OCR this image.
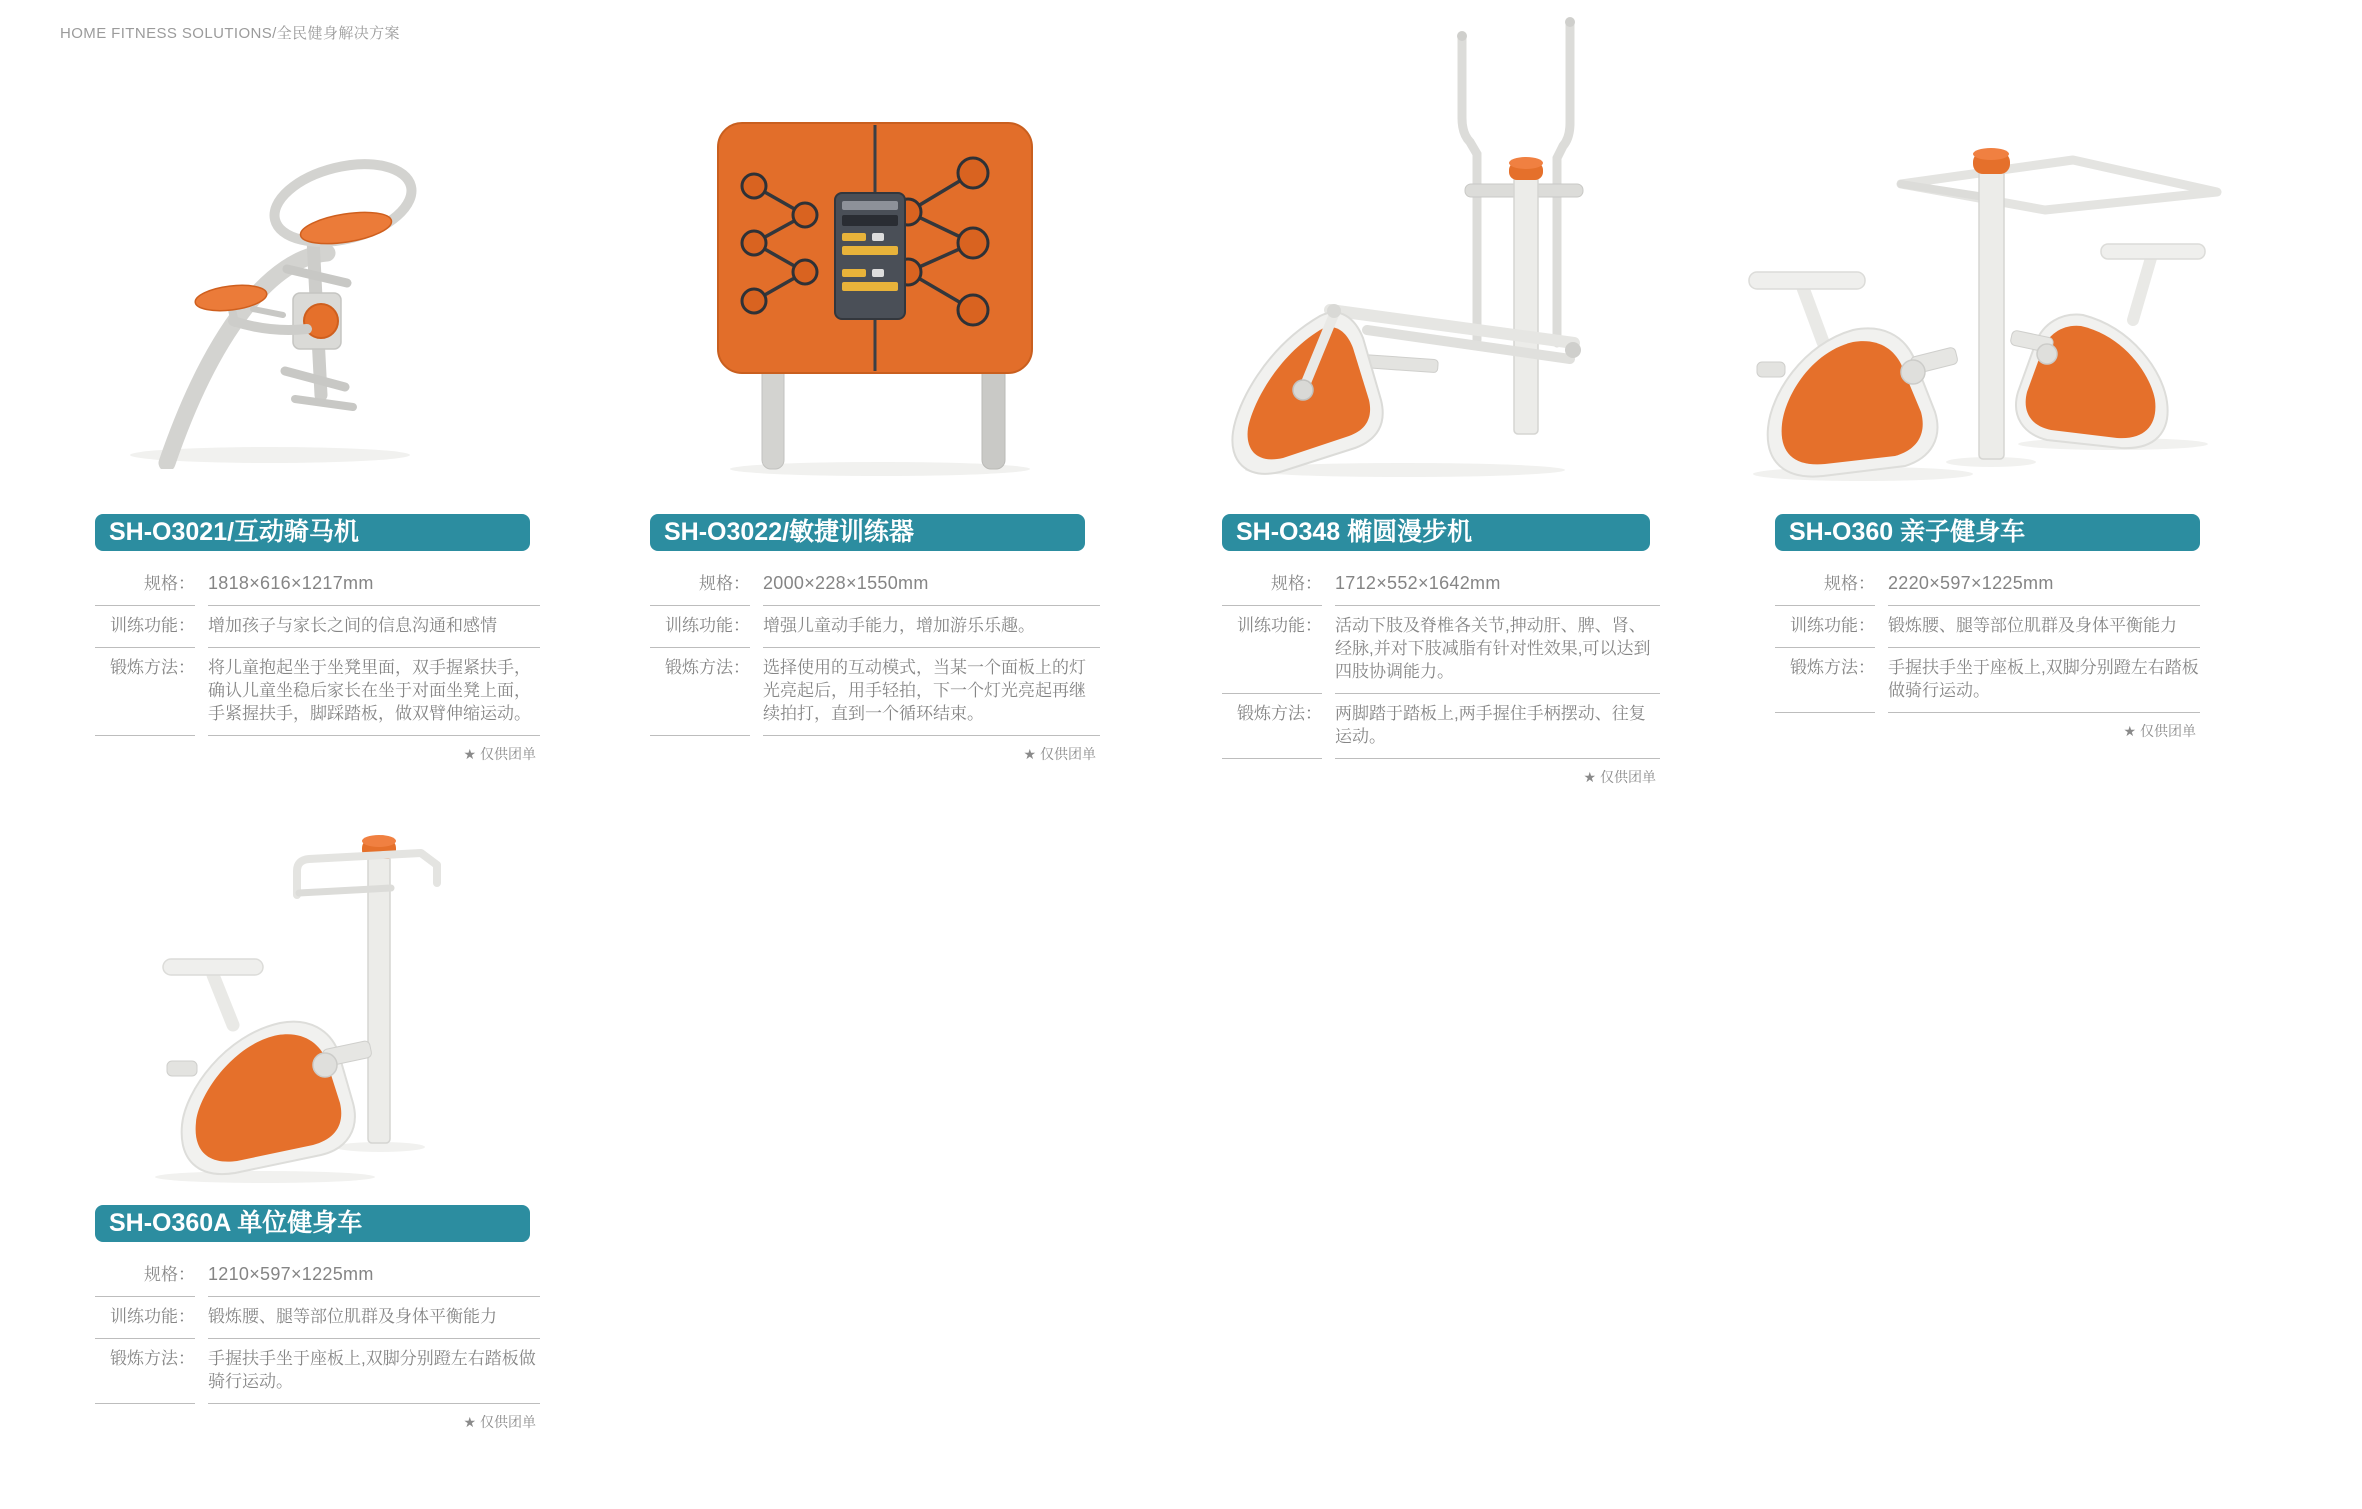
HOME FITNESS SOLUTIONS/全民健身解决方案
SH-O3021/互动骑马机
规格： 1818×616×1217mm
训练功能： 增加孩子与家长之间的信息沟通和感情
锻炼方法： 将儿童抱起坐于坐凳里面，双手握紧扶手，确认儿童坐稳后家长在坐于对面坐凳上面，手紧握扶手，脚踩踏板，做双臂伸缩运动。
★ 仅供团单
SH-O3022/敏捷训练器
规格： 2000×228×1550mm
训练功能： 增强儿童动手能力，增加游乐乐趣。
锻炼方法： 选择使用的互动模式，当某一个面板上的灯光亮起后，用手轻拍，下一个灯光亮起再继续拍打，直到一个循环结束。
★ 仅供团单
SH-O348 椭圆漫步机
规格： 1712×552×1642mm
训练功能： 活动下肢及脊椎各关节,抻动肝、脾、肾、经脉,并对下肢减脂有针对性效果,可以达到四肢协调能力。
锻炼方法： 两脚踏于踏板上,两手握住手柄摆动、往复运动。
★ 仅供团单
SH-O360 亲子健身车
规格： 2220×597×1225mm
训练功能： 锻炼腰、腿等部位肌群及身体平衡能力
锻炼方法： 手握扶手坐于座板上,双脚分别蹬左右踏板做骑行运动。
★ 仅供团单
SH-O360A 单位健身车
规格： 1210×597×1225mm
训练功能： 锻炼腰、腿等部位肌群及身体平衡能力
锻炼方法： 手握扶手坐于座板上,双脚分别蹬左右踏板做骑行运动。
★ 仅供团单
